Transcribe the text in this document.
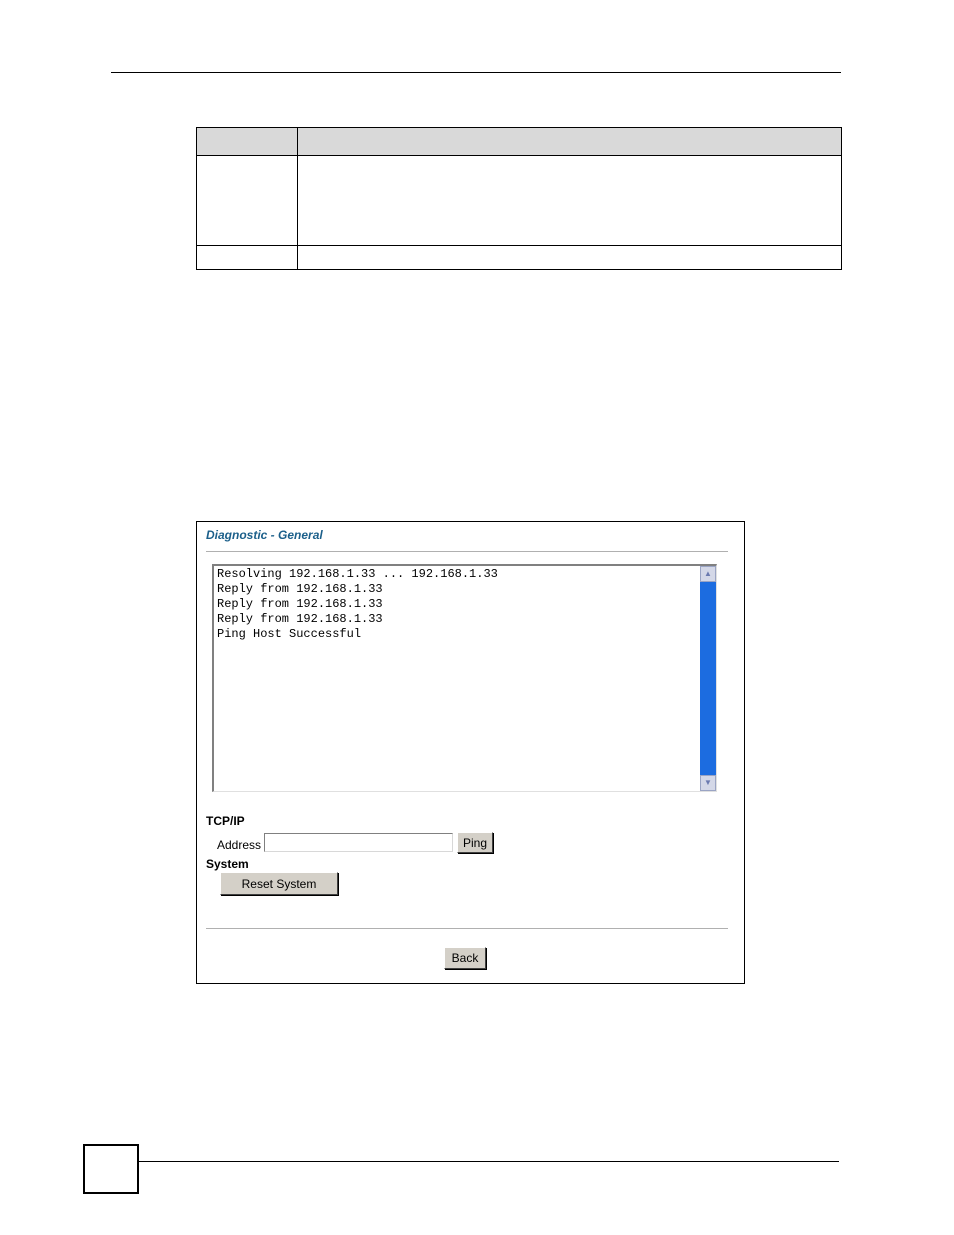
Diagnostic - General
Resolving 192.168.1.33 ... 192.168.1.33
Reply from 192.168.1.33
Reply from 192.168.1.33
Reply from 192.168.1.33
Ping Host Successful
▲
▼
TCP/IP
Address	Ping
System
Reset System
Back
